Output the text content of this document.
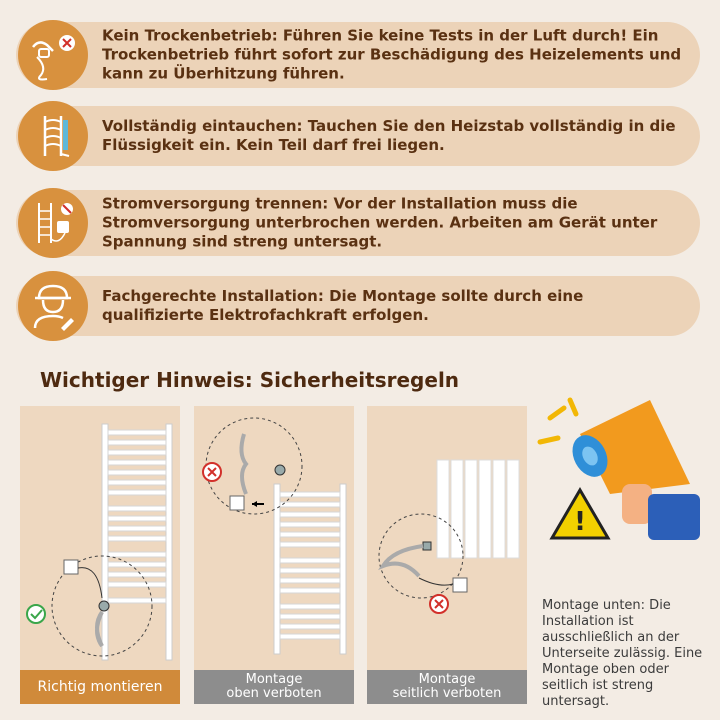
Kein Trockenbetrieb: Führen Sie keine Tests in der Luft durch! Ein Trockenbetrieb führt sofort zur Beschädigung des Heizelements und kann zu Überhitzung führen.
Vollständig eintauchen: Tauchen Sie den Heizstab vollständig in die Flüssigkeit ein. Kein Teil darf frei liegen.
Stromversorgung trennen: Vor der Installation muss die Stromversorgung unterbrochen werden. Arbeiten am Gerät unter Spannung sind streng untersagt.
Fachgerechte Installation: Die Montage sollte durch eine qualifizierte Elektrofachkraft erfolgen.
Wichtiger Hinweis: Sicherheitsregeln
Richtig montieren	Montage
oben verboten
Montage
seitlich verboten
!
Montage unten: Die Installation ist ausschließlich an der Unterseite zulässig. Eine Montage oben oder seitlich ist streng untersagt.
